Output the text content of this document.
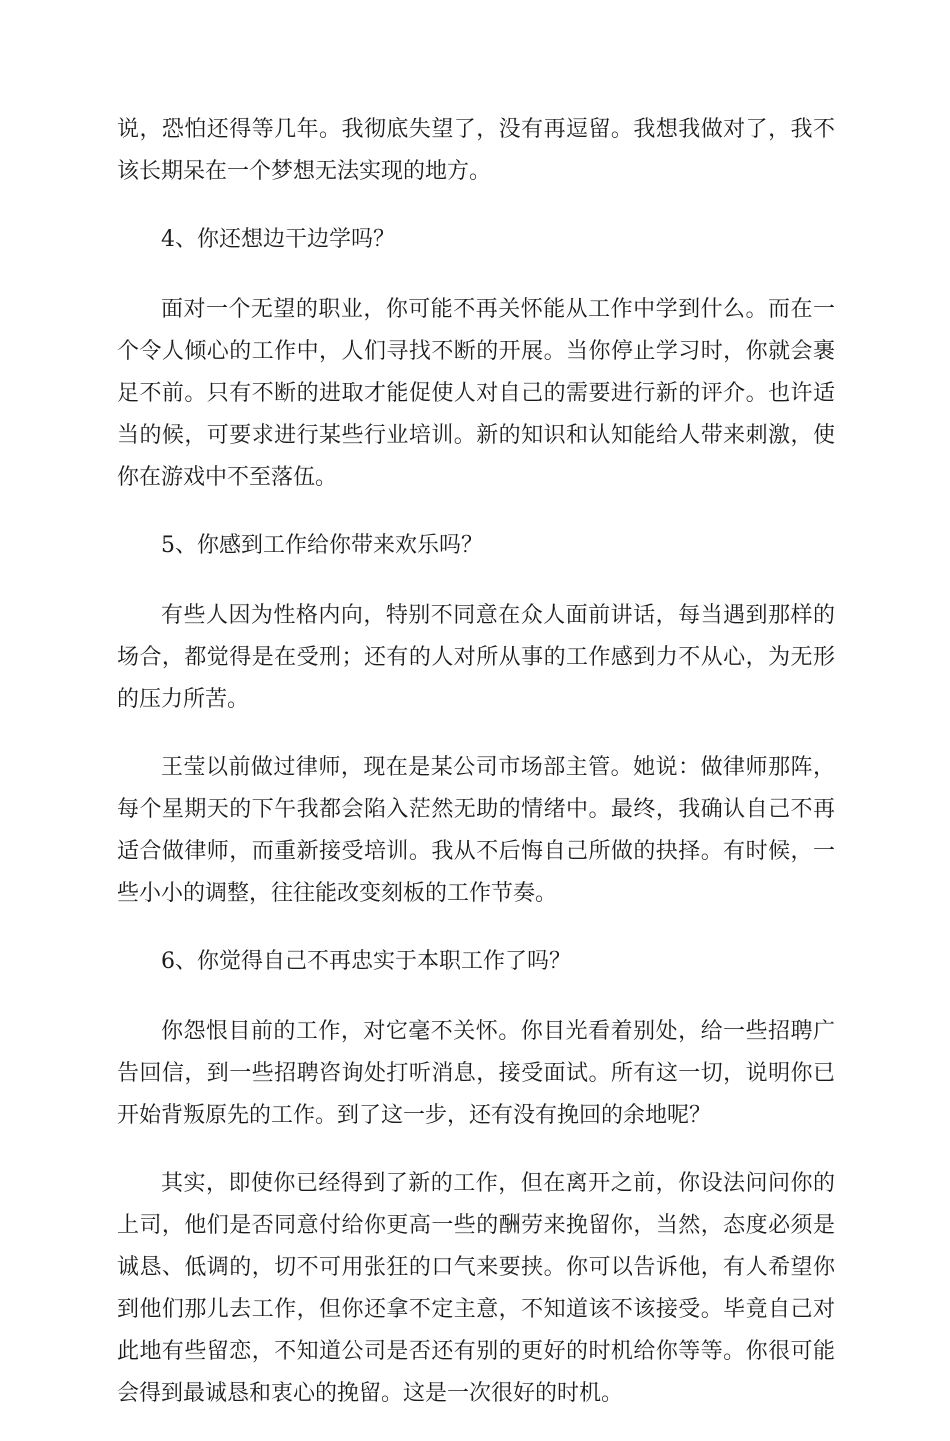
说，恐怕还得等几年。我彻底失望了，没有再逗留。我想我做对了，我不该长期呆在一个梦想无法实现的地方。

4、你还想边干边学吗？

面对一个无望的职业，你可能不再关怀能从工作中学到什么。而在一个令人倾心的工作中，人们寻找不断的开展。当你停止学习时，你就会裹足不前。只有不断的进取才能促使人对自己的需要进行新的评介。也许适当的候，可要求进行某些行业培训。新的知识和认知能给人带来刺激，使你在游戏中不至落伍。

5、你感到工作给你带来欢乐吗？

有些人因为性格内向，特别不同意在众人面前讲话，每当遇到那样的场合，都觉得是在受刑；还有的人对所从事的工作感到力不从心，为无形的压力所苦。

王莹以前做过律师，现在是某公司市场部主管。她说：做律师那阵，每个星期天的下午我都会陷入茫然无助的情绪中。最终，我确认自己不再适合做律师，而重新接受培训。我从不后悔自己所做的抉择。有时候，一些小小的调整，往往能改变刻板的工作节奏。

6、你觉得自己不再忠实于本职工作了吗？

你怨恨目前的工作，对它毫不关怀。你目光看着别处，给一些招聘广告回信，到一些招聘咨询处打听消息，接受面试。所有这一切，说明你已开始背叛原先的工作。到了这一步，还有没有挽回的余地呢？

其实，即使你已经得到了新的工作，但在离开之前，你设法问问你的上司，他们是否同意付给你更高一些的酬劳来挽留你，当然，态度必须是诚恳、低调的，切不可用张狂的口气来要挟。你可以告诉他，有人希望你到他们那儿去工作，但你还拿不定主意，不知道该不该接受。毕竟自己对此地有些留恋，不知道公司是否还有别的更好的时机给你等等。你很可能会得到最诚恳和衷心的挽留。这是一次很好的时机。
